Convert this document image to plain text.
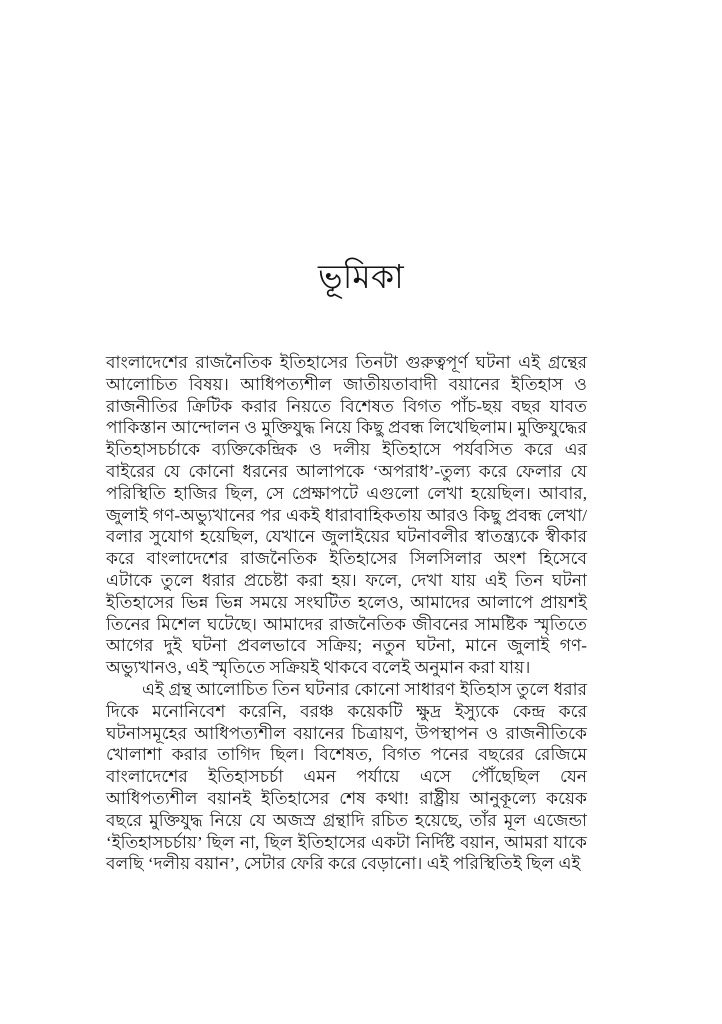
ভূমিকা

বাংলাদেশের রাজনৈতিক ইতিহাসের তিনটা গুরুত্বপূর্ণ ঘটনা এই গ্রন্থের আলোচিত বিষয়। আধিপত্যশীল জাতীয়তাবাদী বয়ানের ইতিহাস ও রাজনীতির ক্রিটিক করার নিয়তে বিশেষত বিগত পাঁচ-ছয় বছর যাবত পাকিস্তান আন্দোলন ও মুক্তিযুদ্ধ নিয়ে কিছু প্রবন্ধ লিখেছিলাম। মুক্তিযুদ্ধের ইতিহাসচর্চাকে ব্যক্তিকেন্দ্রিক ও দলীয় ইতিহাসে পর্যবসিত করে এর বাইরের যে কোনো ধরনের আলাপকে ‘অপরাধ’-তুল্য করে ফেলার যে পরিস্থিতি হাজির ছিল, সে প্রেক্ষাপটে এগুলো লেখা হয়েছিল। আবার, জুলাই গণ-অভ্যুখানের পর একই ধারাবাহিকতায় আরও কিছু প্রবন্ধ লেখা/বলার সুযোগ হয়েছিল, যেখানে জুলাইয়ের ঘটনাবলীর স্বাতন্ত্র্যকে স্বীকার করে বাংলাদেশের রাজনৈতিক ইতিহাসের সিলসিলার অংশ হিসেবে এটাকে তুলে ধরার প্রচেষ্টা করা হয়। ফলে, দেখা যায় এই তিন ঘটনা ইতিহাসের ভিন্ন ভিন্ন সময়ে সংঘটিত হলেও, আমাদের আলাপে প্রায়শই তিনের মিশেল ঘটেছে। আমাদের রাজনৈতিক জীবনের সামষ্টিক স্মৃতিতে আগের দুই ঘটনা প্রবলভাবে সক্রিয়; নতুন ঘটনা, মানে জুলাই গণ-অভ্যুখানও, এই স্মৃতিতে সক্রিয়ই থাকবে বলেই অনুমান করা যায়।

এই গ্রন্থ আলোচিত তিন ঘটনার কোনো সাধারণ ইতিহাস তুলে ধরার দিকে মনোনিবেশ করেনি, বরঞ্চ কয়েকটি ক্ষুদ্র ইস্যুকে কেন্দ্র করে ঘটনাসমূহের আধিপত্যশীল বয়ানের চিত্রায়ণ, উপস্থাপন ও রাজনীতিকে খোলাশা করার তাগিদ ছিল। বিশেষত, বিগত পনের বছরের রেজিমে বাংলাদেশের ইতিহাসচর্চা এমন পর্যায়ে এসে পৌঁছেছিল যেন আধিপত্যশীল বয়ানই ইতিহাসের শেষ কথা! রাষ্ট্রীয় আনুকূল্যে কয়েক বছরে মুক্তিযুদ্ধ নিয়ে যে অজস্র গ্রন্থাদি রচিত হয়েছে, তাঁর মূল এজেন্ডা ‘ইতিহাসচর্চায়’ ছিল না, ছিল ইতিহাসের একটা নির্দিষ্ট বয়ান, আমরা যাকে বলছি ‘দলীয় বয়ান’, সেটার ফেরি করে বেড়ানো। এই পরিস্থিতিই ছিল এই
